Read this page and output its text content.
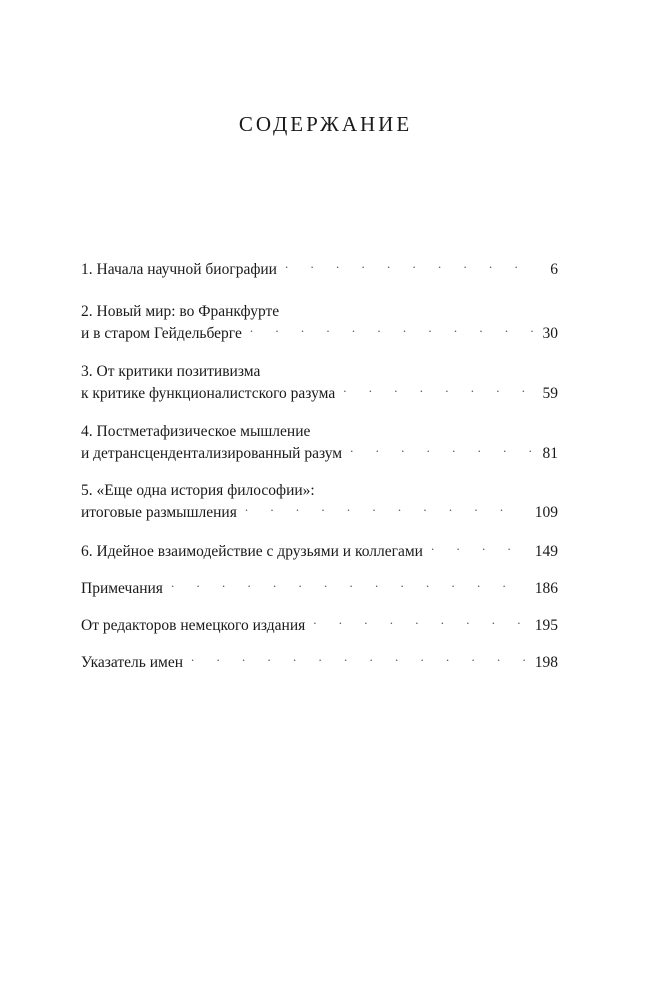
СОДЕРЖАНИЕ
1. Начала научной биографии . . .	6
2. Новый мир: во Франкфурте
и в старом Гейдельберге . . .	30
3. От критики позитивизма
к критике функционалистского разума . . .	59
4. Постметафизическое мышление
и детрансцендентализированный разум . . .	81
5. «Еще одна история философии»:
итоговые размышления . . .	109
6. Идейное взаимодействие с друзьями и коллегами . . .	149
Примечания . . .	186
От редакторов немецкого издания . . .	195
Указатель имен . . .	198
